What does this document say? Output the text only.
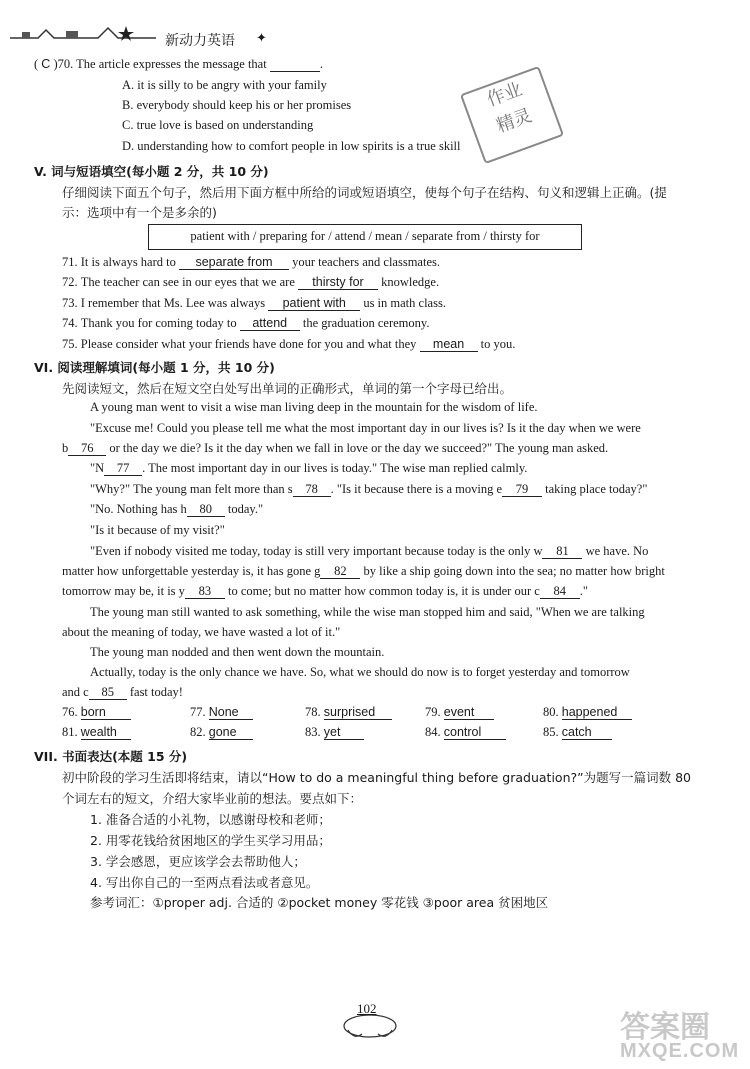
新动力英语 ✦
( C )70. The article expresses the message that	.
A. it is silly to be angry with your family
B. everybody should keep his or her promises
C. true love is based on understanding
D. understanding how to comfort people in low spirits is a true skill
作业
精灵
V. 词与短语填空(每小题 2 分，共 10 分)
仔细阅读下面五个句子，然后用下面方框中所给的词或短语填空，使每个句子在结构、句义和逻辑上正确。(提
示：选项中有一个是多余的)
patient with / preparing for / attend / mean / separate from / thirsty for
71. It is always hard to separate from your teachers and classmates.
72. The teacher can see in our eyes that we are thirsty for knowledge.
73. I remember that Ms. Lee was always patient with us in math class.
74. Thank you for coming today to attend the graduation ceremony.
75. Please consider what your friends have done for you and what they mean to you.
VI. 阅读理解填词(每小题 1 分，共 10 分)
先阅读短文，然后在短文空白处写出单词的正确形式，单词的第一个字母已给出。
A young man went to visit a wise man living deep in the mountain for the wisdom of life.
"Excuse me! Could you please tell me what the most important day in our lives is? Is it the day when we were
b 76 or the day we die? Is it the day when we fall in love or the day we succeed?" The young man asked.
"N 77 . The most important day in our lives is today." The wise man replied calmly.
"Why?" The young man felt more than s 78 . "Is it because there is a moving e 79 taking place today?"
"No. Nothing has h 80 today."
"Is it because of my visit?"
"Even if nobody visited me today, today is still very important because today is the only w 81 we have. No
matter how unforgettable yesterday is, it has gone g 82 by like a ship going down into the sea; no matter how bright
tomorrow may be, it is y 83 to come; but no matter how common today is, it is under our c 84 ."
The young man still wanted to ask something, while the wise man stopped him and said, "When we are talking
about the meaning of today, we have wasted a lot of it."
The young man nodded and then went down the mountain.
Actually, today is the only chance we have. So, what we should do now is to forget yesterday and tomorrow
and c 85 fast today!
76. born	77. None	78. surprised	79. event	80. happened
81. wealth	82. gone	83. yet	84. control	85. catch
VII. 书面表达(本题 15 分)
初中阶段的学习生活即将结束，请以“How to do a meaningful thing before graduation?”为题写一篇词数 80
个词左右的短文，介绍大家毕业前的想法。要点如下：
1. 准备合适的小礼物，以感谢母校和老师；
2. 用零花钱给贫困地区的学生买学习用品；
3. 学会感恩，更应该学会去帮助他人；
4. 写出你自己的一至两点看法或者意见。
参考词汇：①proper adj. 合适的 ②pocket money 零花钱 ③poor area 贫困地区
102
答案圈
MXQE.COM
